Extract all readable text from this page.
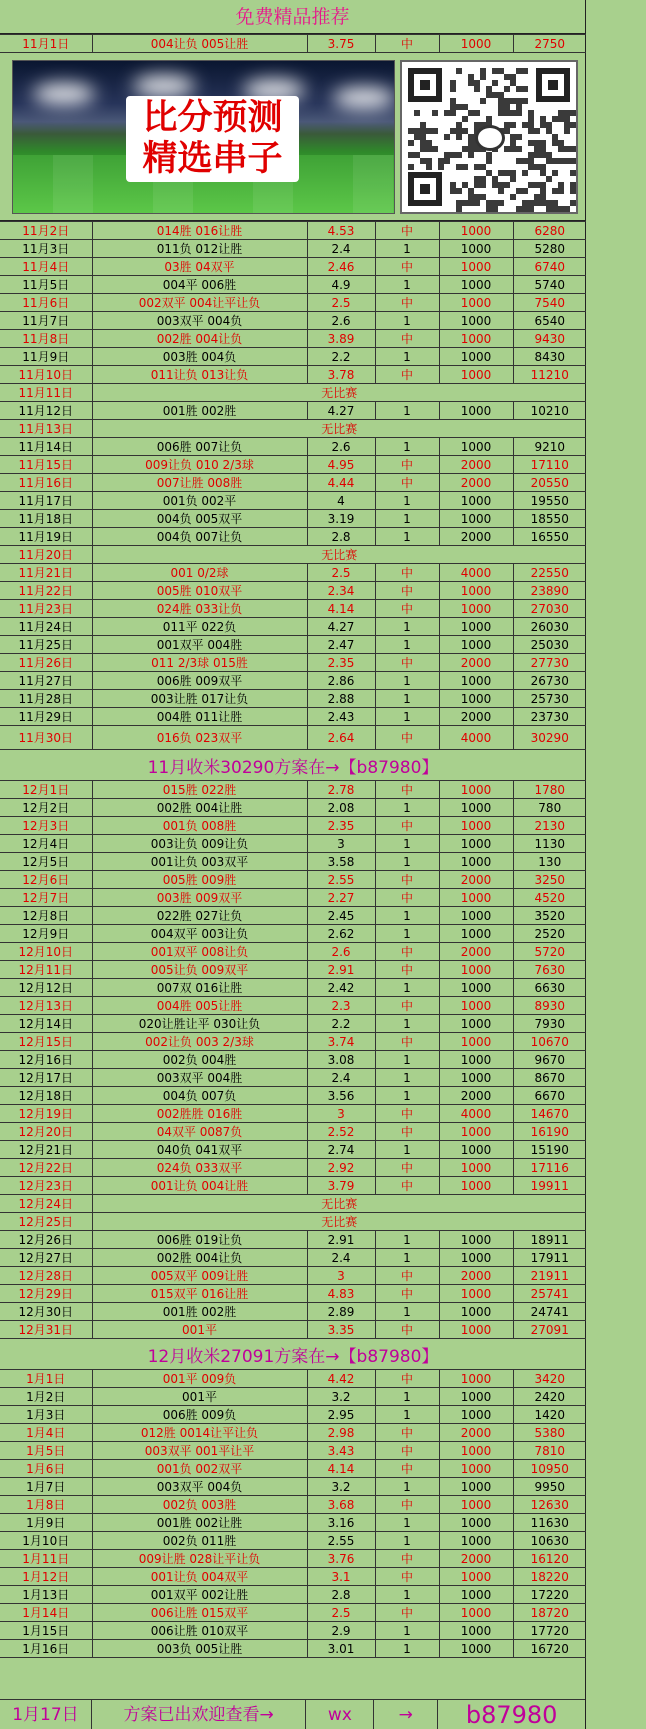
免费精品推荐
11月1日	004让负 005让胜	3.75	中	1000	2750
比分预测
精选串子
11月2日	014胜 016让胜	4.53	中	1000	6280
11月3日	011负 012让胜	2.4	1	1000	5280
11月4日	03胜 04双平	2.46	中	1000	6740
11月5日	004平 006胜	4.9	1	1000	5740
11月6日	002双平 004让平让负	2.5	中	1000	7540
11月7日	003双平 004负	2.6	1	1000	6540
11月8日	002胜 004让负	3.89	中	1000	9430
11月9日	003胜 004负	2.2	1	1000	8430
11月10日	011让负 013让负	3.78	中	1000	11210
11月11日	无比赛				
11月12日	001胜 002胜	4.27	1	1000	10210
11月13日	无比赛				
11月14日	006胜 007让负	2.6	1	1000	9210
11月15日	009让负 010 2/3球	4.95	中	2000	17110
11月16日	007让胜 008胜	4.44	中	2000	20550
11月17日	001负 002平	4	1	1000	19550
11月18日	004负 005双平	3.19	1	1000	18550
11月19日	004负 007让负	2.8	1	2000	16550
11月20日	无比赛				
11月21日	001 0/2球	2.5	中	4000	22550
11月22日	005胜 010双平	2.34	中	1000	23890
11月23日	024胜 033让负	4.14	中	1000	27030
11月24日	011平 022负	4.27	1	1000	26030
11月25日	001双平 004胜	2.47	1	1000	25030
11月26日	011 2/3球 015胜	2.35	中	2000	27730
11月27日	006胜 009双平	2.86	1	1000	26730
11月28日	003让胜 017让负	2.88	1	1000	25730
11月29日	004胜 011让胜	2.43	1	2000	23730
11月30日	016负 023双平	2.64	中	4000	30290
11月收米30290方案在→【b87980】					
12月1日	015胜 022胜	2.78	中	1000	1780
12月2日	002胜 004让胜	2.08	1	1000	780
12月3日	001负 008胜	2.35	中	1000	2130
12月4日	003让负 009让负	3	1	1000	1130
12月5日	001让负 003双平	3.58	1	1000	130
12月6日	005胜 009胜	2.55	中	2000	3250
12月7日	003胜 009双平	2.27	中	1000	4520
12月8日	022胜 027让负	2.45	1	1000	3520
12月9日	004双平 003让负	2.62	1	1000	2520
12月10日	001双平 008让负	2.6	中	2000	5720
12月11日	005让负 009双平	2.91	中	1000	7630
12月12日	007双 016让胜	2.42	1	1000	6630
12月13日	004胜 005让胜	2.3	中	1000	8930
12月14日	020让胜让平 030让负	2.2	1	1000	7930
12月15日	002让负 003 2/3球	3.74	中	1000	10670
12月16日	002负 004胜	3.08	1	1000	9670
12月17日	003双平 004胜	2.4	1	1000	8670
12月18日	004负 007负	3.56	1	2000	6670
12月19日	002胜胜 016胜	3	中	4000	14670
12月20日	04双平 0087负	2.52	中	1000	16190
12月21日	040负 041双平	2.74	1	1000	15190
12月22日	024负 033双平	2.92	中	1000	17116
12月23日	001让负 004让胜	3.79	中	1000	19911
12月24日	无比赛				
12月25日	无比赛				
12月26日	006胜 019让负	2.91	1	1000	18911
12月27日	002胜 004让负	2.4	1	1000	17911
12月28日	005双平 009让胜	3	中	2000	21911
12月29日	015双平 016让胜	4.83	中	1000	25741
12月30日	001胜 002胜	2.89	1	1000	24741
12月31日	001平	3.35	中	1000	27091
12月收米27091方案在→【b87980】					
1月1日	001平 009负	4.42	中	1000	3420
1月2日	001平	3.2	1	1000	2420
1月3日	006胜 009负	2.95	1	1000	1420
1月4日	012胜 0014让平让负	2.98	中	2000	5380
1月5日	003双平 001平让平	3.43	中	1000	7810
1月6日	001负 002双平	4.14	中	1000	10950
1月7日	003双平 004负	3.2	1	1000	9950
1月8日	002负 003胜	3.68	中	1000	12630
1月9日	001胜 002让胜	3.16	1	1000	11630
1月10日	002负 011胜	2.55	1	1000	10630
1月11日	009让胜 028让平让负	3.76	中	2000	16120
1月12日	001让负 004双平	3.1	中	1000	18220
1月13日	001双平 002让胜	2.8	1	1000	17220
1月14日	006让胜 015双平	2.5	中	1000	18720
1月15日	006让胜 010双平	2.9	1	1000	17720
1月16日	003负 005让胜	3.01	1	1000	16720
1月17日	方案已出欢迎查看→	wx	→	b87980
